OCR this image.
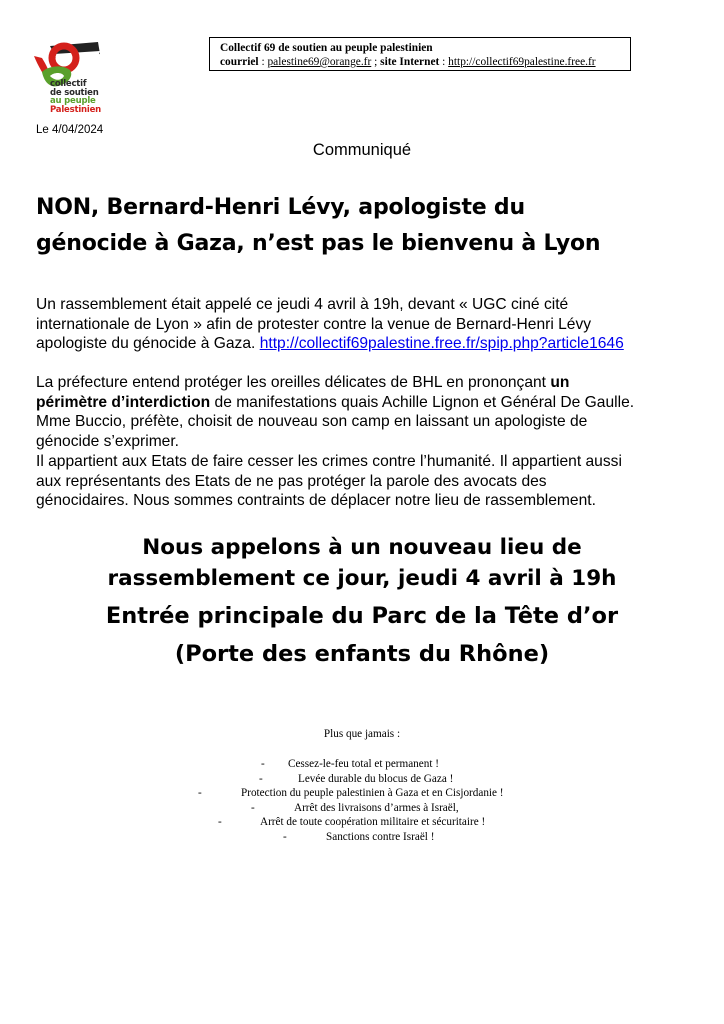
collectif
de soutien
au peuple
Palestinien
Collectif 69 de soutien au peuple palestinien
courriel : palestine69@orange.fr ; site Internet : http://collectif69palestine.free.fr
Le 4/04/2024
Communiqué
NON, Bernard-Henri Lévy, apologiste du
génocide à Gaza, n’est pas le bienvenu à Lyon
Un rassemblement était appelé ce jeudi 4 avril à 19h, devant « UGC ciné cité
internationale de Lyon » afin de protester contre la venue de Bernard-Henri Lévy
apologiste du génocide à Gaza. http://collectif69palestine.free.fr/spip.php?article1646
La préfecture entend protéger les oreilles délicates de BHL en prononçant un
périmètre d’interdiction de manifestations quais Achille Lignon et Général De Gaulle.
Mme Buccio, préfète, choisit de nouveau son camp en laissant un apologiste de
génocide s’exprimer.
Il appartient aux Etats de faire cesser les crimes contre l’humanité. Il appartient aussi
aux représentants des Etats de ne pas protéger la parole des avocats des
génocidaires. Nous sommes contraints de déplacer notre lieu de rassemblement.
Nous appelons à un nouveau lieu de
rassemblement ce jour, jeudi 4 avril à 19h
Entrée principale du Parc de la Tête d’or
(Porte des enfants du Rhône)
Plus que jamais :
- Cessez-le-feu total et permanent !
-	Levée durable du blocus de Gaza !
-	Protection du peuple palestinien à Gaza et en Cisjordanie !
-	Arrêt des livraisons d’armes à Israël,
-	Arrêt de toute coopération militaire et sécuritaire !
-	Sanctions contre Israël !
